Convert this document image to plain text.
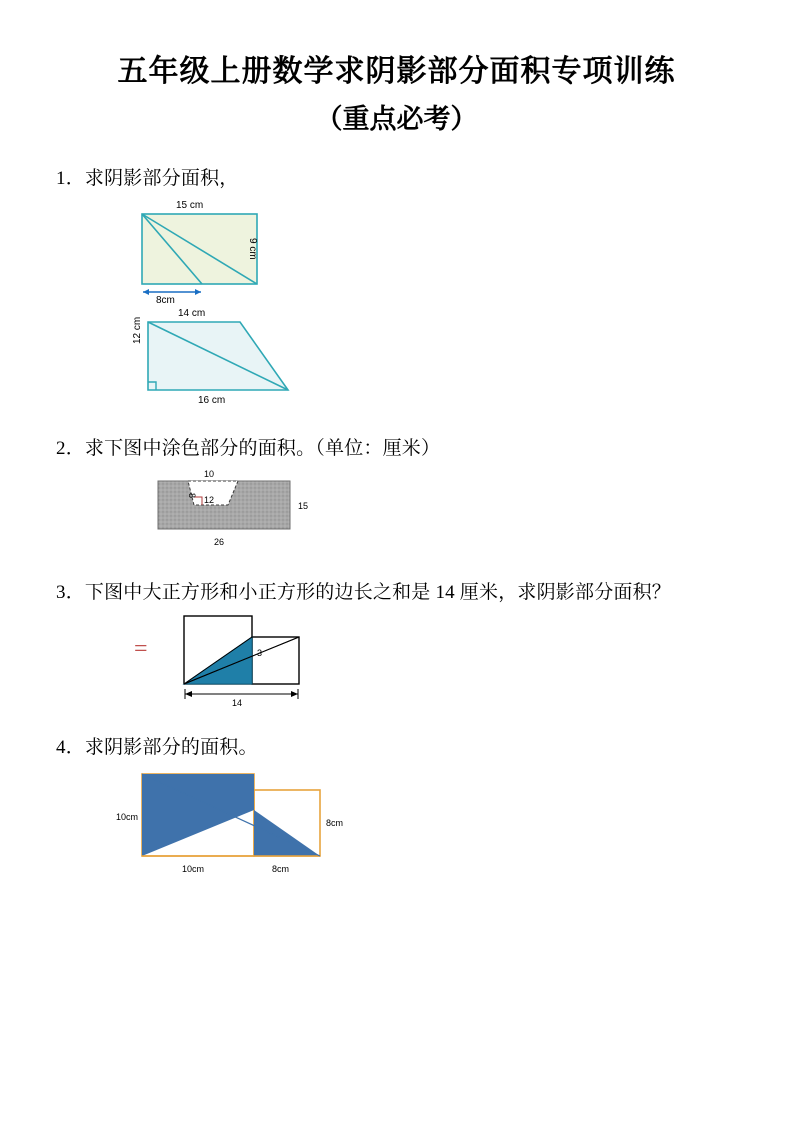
五年级上册数学求阴影部分面积专项训练
（重点必考）
1．求阴影部分面积，
15 cm
9 cm
8cm
14 cm
12 cm
16 cm
2．求下图中涂色部分的面积。（单位：厘米）
10
8 12
15
26
3．下图中大正方形和小正方形的边长之和是 14 厘米，求阴影部分面积？
=	3
14
4．求阴影部分的面积。
10cm
10cm	8cm
8cm
